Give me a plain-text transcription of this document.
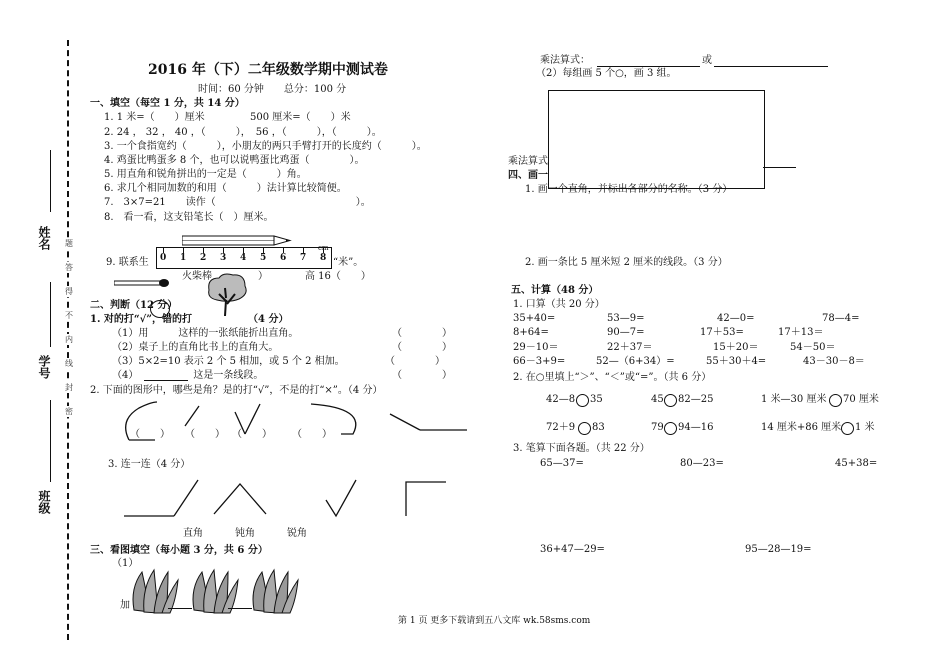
姓名
学号
班级
题
答
得
不
内
线
封
密
2016 年（下）二年级数学期中测试卷
时间：60 分钟　　总分：100 分
一、填空（每空 1 分，共 14 分）
1. 1 米=（　　）厘米	500 厘米=（　　）米
2. 24 ， 32 ， 40 ，（　　　），　56 ，（　　　），（　　　）。
3. 一个食指宽约（　　　），小朋友的两只手臂打开的长度约（　　　）。
4. 鸡蛋比鸭蛋多 8 个，也可以说鸭蛋比鸡蛋（　　　　）。
5. 用直角和锐角拼出的一定是（　　　）角。
6. 求几个相同加数的和用（　　　）法计算比较简便。
7.　3×7=21　　读作（　　　　　　　　　　　　　　）。
8.　看一看，这支铅笔长（　）厘米。
0 1 2 3 4 5 6 7 8
cm
9. 联系生	“米”。
火柴棒	）	高 16（　　）
二、判断（12 分）
1. 对的打“√”，错的打	（4 分）
（1）用　　　这样的一张纸能折出直角。	（　　　　）
（2）桌子上的直角比书上的直角大。	（　　　　）
（3）5×2=10 表示 2 个 5 相加，或 5 个 2 相加。	（　　　　）
（4）　　　　　　这是一条线段。	（　　　　）
2. 下面的图形中，哪些是角？是的打“√”，不是的打“×”。（4 分）
（　　） （　　） （　　） （　　）
3. 连一连（4 分）
直角	钝角	锐角
三、看图填空（每小题 3 分，共 6 分）
（1）
加
乘法算式：	或
（2）每组画 5 个○，画 3 组。
乘法算式
四、画一
1. 画一个直角，并标出各部分的名称。（3 分）
2. 画一条比 5 厘米短 2 厘米的线段。（3 分）
五、计算（48 分）
1. 口算（共 20 分）
35+40=	53—9=	42—0=	78—4=
8+64=	90—7=	17＋53=	17＋13＝
29－10＝	22＋37＝	15＋20＝	54－50＝
66－3+9=	52—（6+34）=	55＋30＋4=	43－30－8＝
2. 在○里填上“＞”、“＜”或“=”。（共 6 分）
42—8 35	45 82—25	1 米—30 厘米 70 厘米
72＋9 83	79 94—16	14 厘米+86 厘米 1 米
3. 笔算下面各题。（共 22 分）
65—37=	80—23=	45+38=
36+47—29=	95—28—19=
第 1 页 更多下载请到五八文库 wk.58sms.com
